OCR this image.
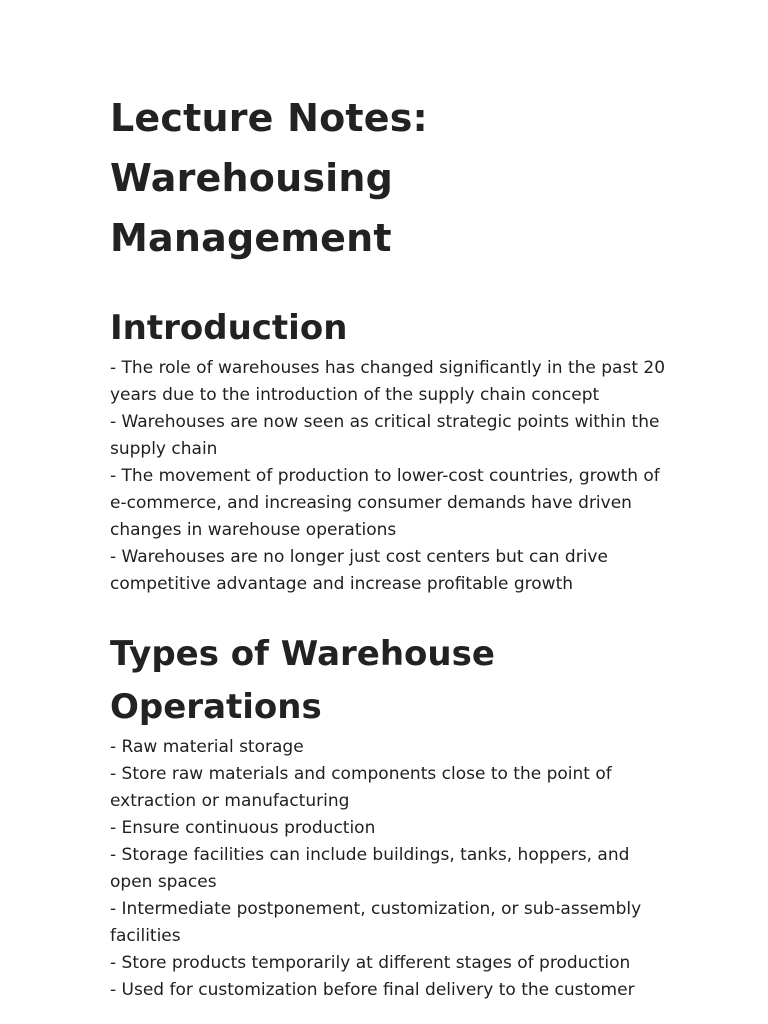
Lecture Notes:
Warehousing Management
Introduction
- The role of warehouses has changed significantly in the past 20 years due to the introduction of the supply chain concept
- Warehouses are now seen as critical strategic points within the supply chain
- The movement of production to lower-cost countries, growth of e-commerce, and increasing consumer demands have driven changes in warehouse operations
- Warehouses are no longer just cost centers but can drive competitive advantage and increase profitable growth
Types of Warehouse Operations
- Raw material storage
- Store raw materials and components close to the point of extraction or manufacturing
- Ensure continuous production
- Storage facilities can include buildings, tanks, hoppers, and open spaces
- Intermediate postponement, customization, or sub-assembly facilities
- Store products temporarily at different stages of production
- Used for customization before final delivery to the customer
